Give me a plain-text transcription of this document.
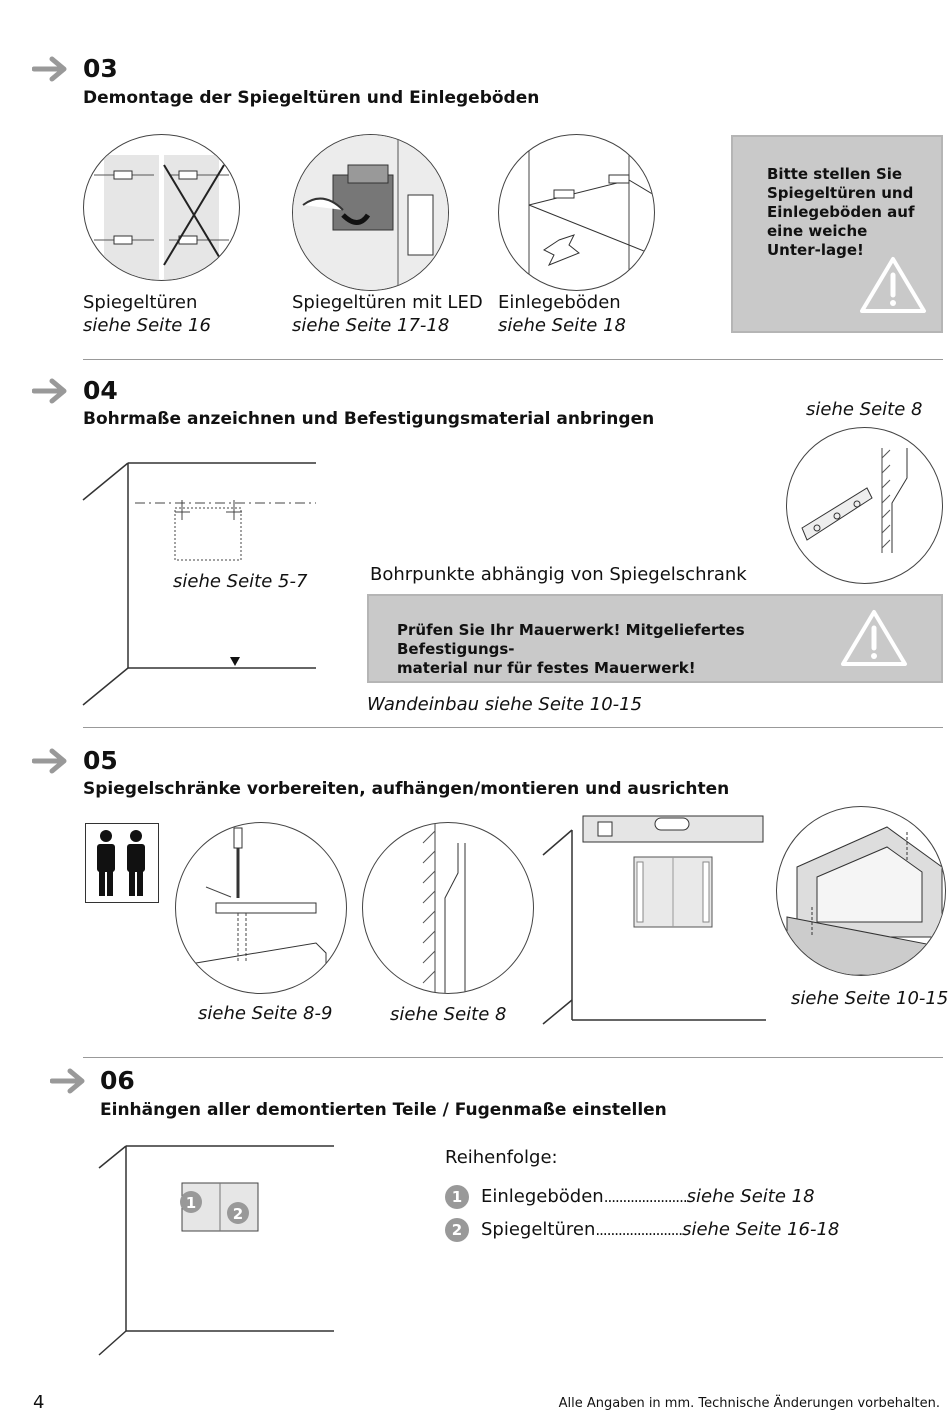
03
Demontage der Spiegeltüren und Einlegeböden
Spiegeltüren
siehe Seite 16
Spiegeltüren mit LED
siehe Seite 17-18
Einlegeböden
siehe Seite 18
Bitte stellen Sie Spiegeltüren und Einlegeböden auf eine weiche Unter-lage!
04
Bohrmaße anzeichnen und Befestigungsmaterial anbringen	siehe Seite 8
siehe Seite 5-7	Bohrpunkte abhängig von Spiegelschrank
Prüfen Sie Ihr Mauerwerk! Mitgeliefertes Befestigungs-
material nur für festes Mauerwerk!
Wandeinbau siehe Seite 10-15
05
Spiegelschränke vorbereiten, aufhängen/montieren und ausrichten
siehe Seite 8-9	siehe Seite 8
siehe Seite 10-15
06
Einhängen aller demontierten Teile / Fugenmaße einstellen
1
2
Reihenfolge:
1 Einlegeböden......................siehe Seite 18
2 Spiegeltüren.......................siehe Seite 16-18
4	Alle Angaben in mm. Technische Änderungen vorbehalten.
